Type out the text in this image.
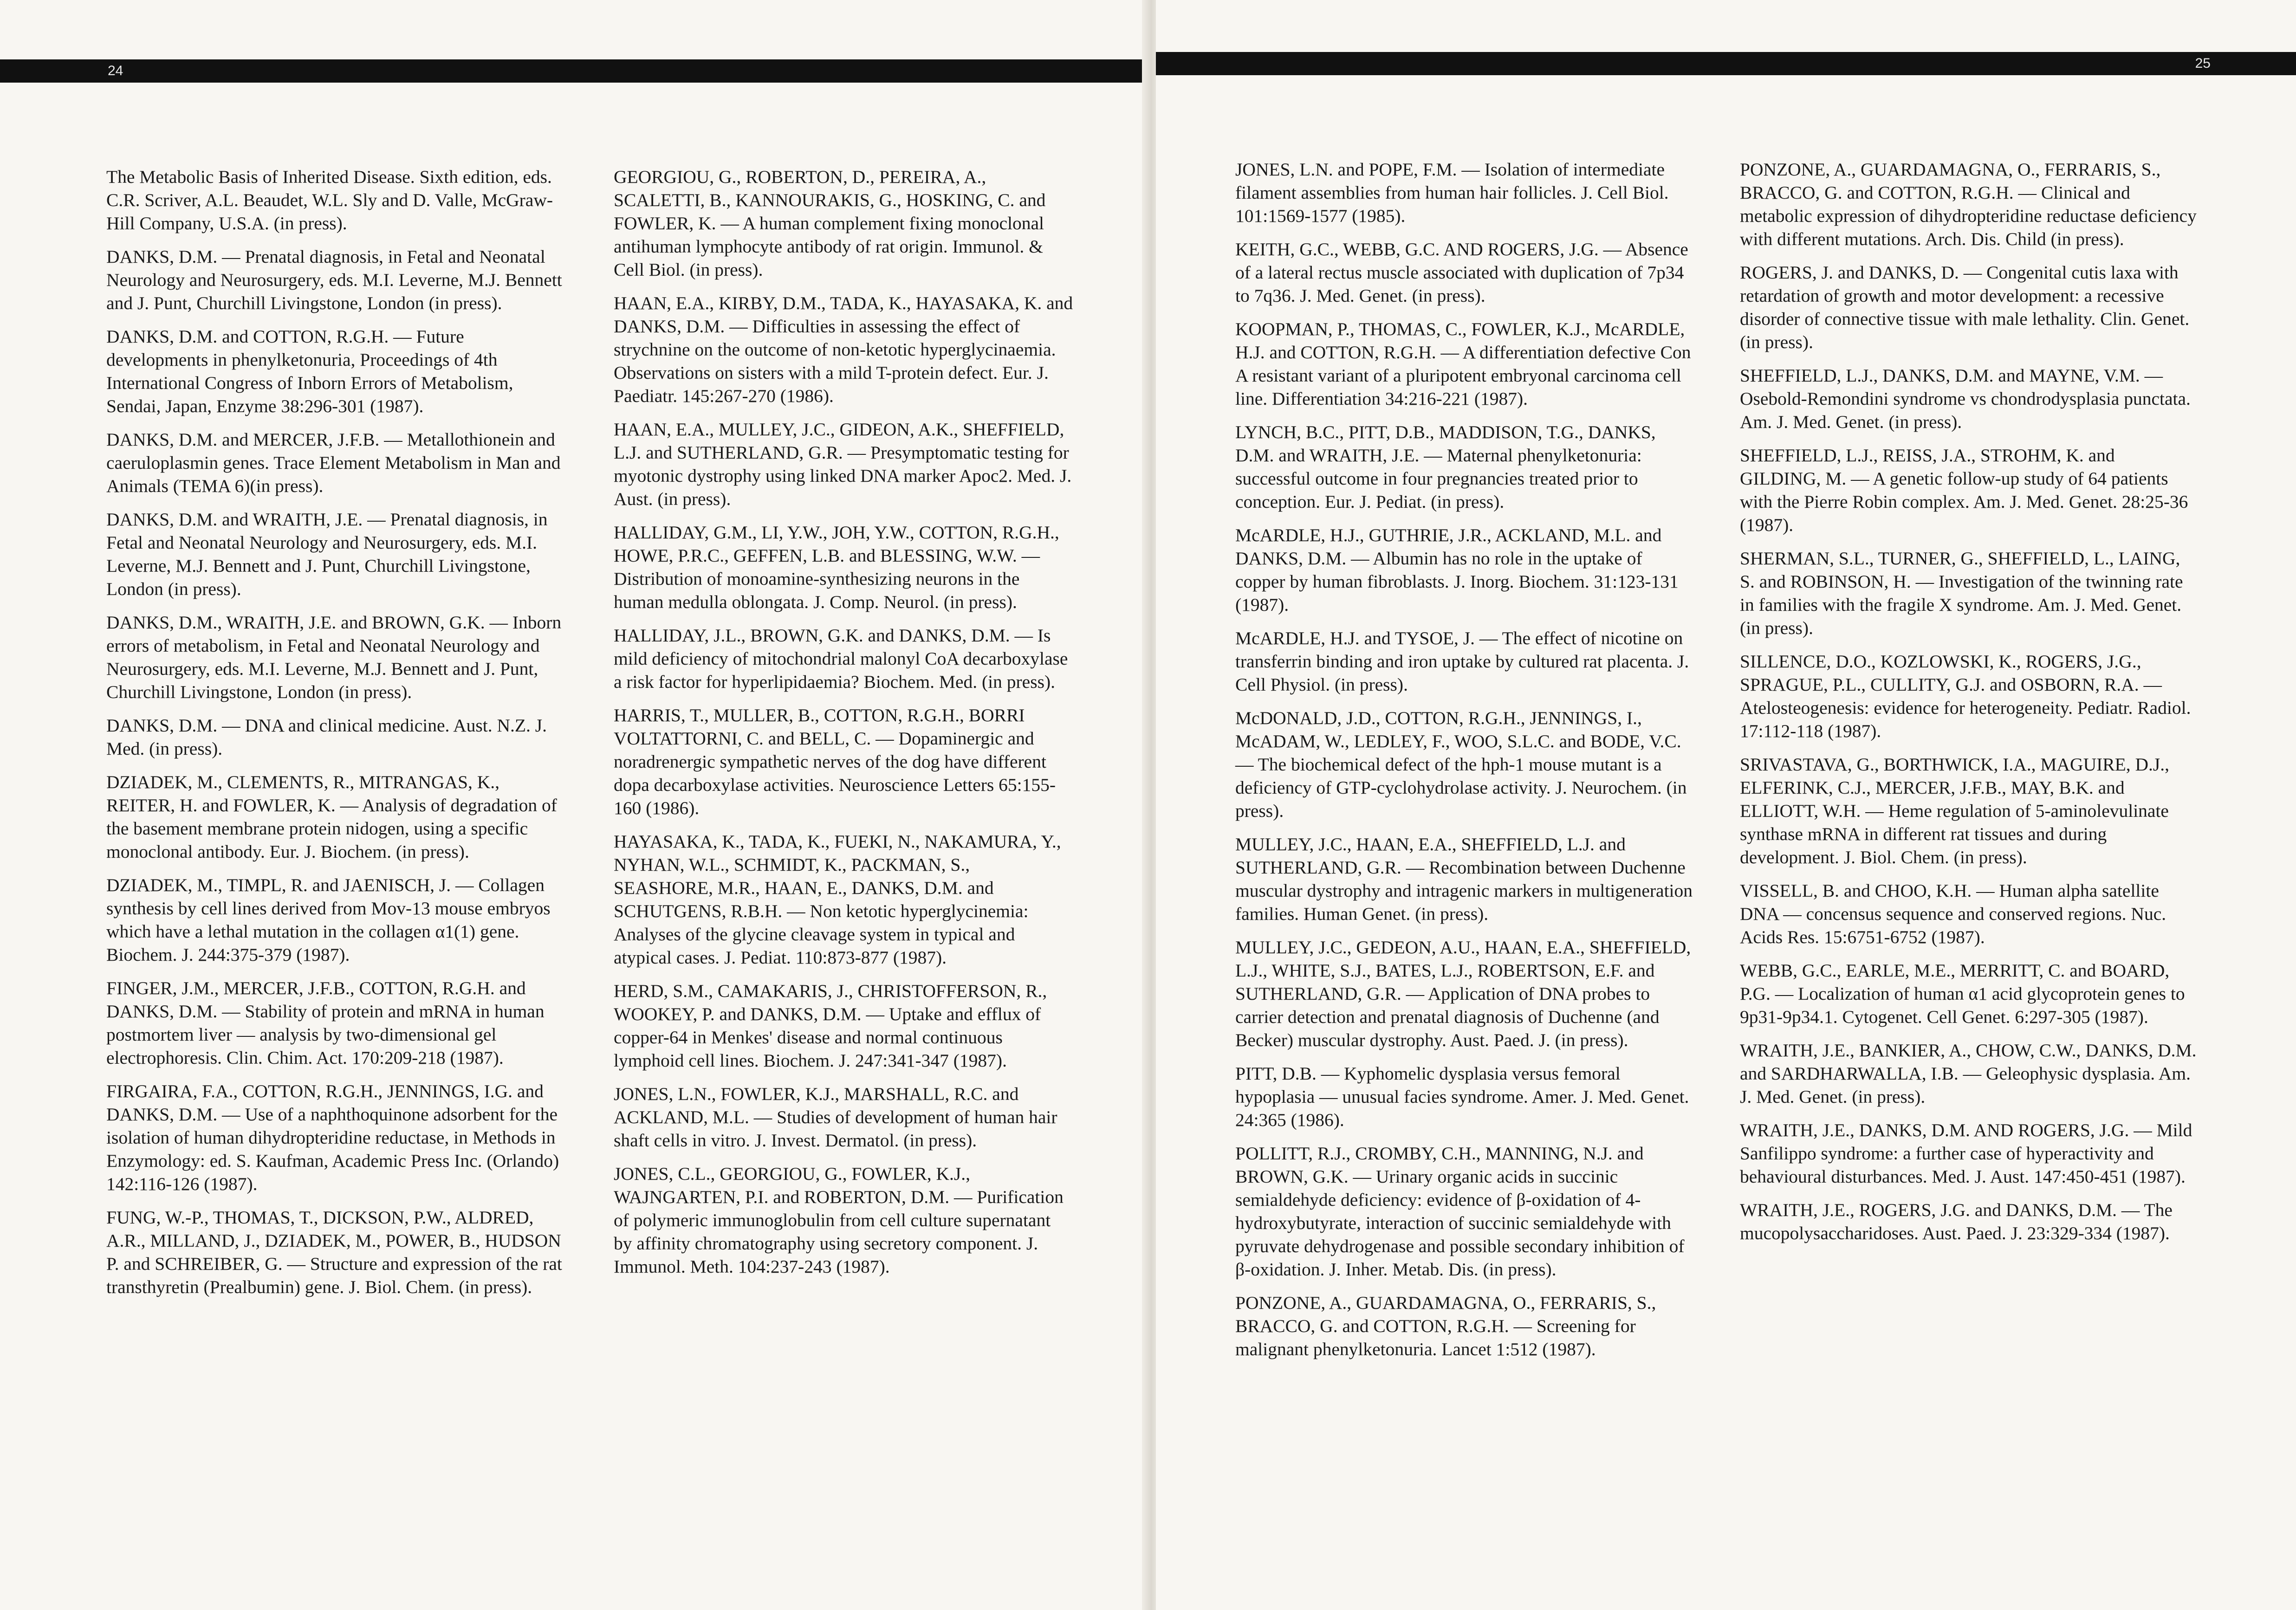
24

The Metabolic Basis of Inherited Disease. Sixth edition, eds. C.R. Scriver, A.L. Beaudet, W.L. Sly and D. Valle, McGraw-Hill Company, U.S.A. (in press).

DANKS, D.M. — Prenatal diagnosis, in Fetal and Neonatal Neurology and Neurosurgery, eds. M.I. Leverne, M.J. Bennett and J. Punt, Churchill Livingstone, London (in press).

DANKS, D.M. and COTTON, R.G.H. — Future developments in phenylketonuria, Proceedings of 4th International Congress of Inborn Errors of Metabolism, Sendai, Japan, Enzyme 38:296-301 (1987).

DANKS, D.M. and MERCER, J.F.B. — Metallothionein and caeruloplasmin genes. Trace Element Metabolism in Man and Animals (TEMA 6)(in press).

DANKS, D.M. and WRAITH, J.E. — Prenatal diagnosis, in Fetal and Neonatal Neurology and Neurosurgery, eds. M.I. Leverne, M.J. Bennett and J. Punt, Churchill Livingstone, London (in press).

DANKS, D.M., WRAITH, J.E. and BROWN, G.K. — Inborn errors of metabolism, in Fetal and Neonatal Neurology and Neurosurgery, eds. M.I. Leverne, M.J. Bennett and J. Punt, Churchill Livingstone, London (in press).

DANKS, D.M. — DNA and clinical medicine. Aust. N.Z. J. Med. (in press).

DZIADEK, M., CLEMENTS, R., MITRANGAS, K., REITER, H. and FOWLER, K. — Analysis of degradation of the basement membrane protein nidogen, using a specific monoclonal antibody. Eur. J. Biochem. (in press).

DZIADEK, M., TIMPL, R. and JAENISCH, J. — Collagen synthesis by cell lines derived from Mov-13 mouse embryos which have a lethal mutation in the collagen α1(1) gene. Biochem. J. 244:375-379 (1987).

FINGER, J.M., MERCER, J.F.B., COTTON, R.G.H. and DANKS, D.M. — Stability of protein and mRNA in human postmortem liver — analysis by two-dimensional gel electrophoresis. Clin. Chim. Act. 170:209-218 (1987).

FIRGAIRA, F.A., COTTON, R.G.H., JENNINGS, I.G. and DANKS, D.M. — Use of a naphthoquinone adsorbent for the isolation of human dihydropteridine reductase, in Methods in Enzymology: ed. S. Kaufman, Academic Press Inc. (Orlando) 142:116-126 (1987).

FUNG, W.-P., THOMAS, T., DICKSON, P.W., ALDRED, A.R., MILLAND, J., DZIADEK, M., POWER, B., HUDSON P. and SCHREIBER, G. — Structure and expression of the rat transthyretin (Prealbumin) gene. J. Biol. Chem. (in press).

GEORGIOU, G., ROBERTON, D., PEREIRA, A., SCALETTI, B., KANNOURAKIS, G., HOSKING, C. and FOWLER, K. — A human complement fixing monoclonal antihuman lymphocyte antibody of rat origin. Immunol. & Cell Biol. (in press).

HAAN, E.A., KIRBY, D.M., TADA, K., HAYASAKA, K. and DANKS, D.M. — Difficulties in assessing the effect of strychnine on the outcome of non-ketotic hyperglycinaemia. Observations on sisters with a mild T-protein defect. Eur. J. Paediatr. 145:267-270 (1986).

HAAN, E.A., MULLEY, J.C., GIDEON, A.K., SHEFFIELD, L.J. and SUTHERLAND, G.R. — Presymptomatic testing for myotonic dystrophy using linked DNA marker Apoc2. Med. J. Aust. (in press).

HALLIDAY, G.M., LI, Y.W., JOH, Y.W., COTTON, R.G.H., HOWE, P.R.C., GEFFEN, L.B. and BLESSING, W.W. — Distribution of monoamine-synthesizing neurons in the human medulla oblongata. J. Comp. Neurol. (in press).

HALLIDAY, J.L., BROWN, G.K. and DANKS, D.M. — Is mild deficiency of mitochondrial malonyl CoA decarboxylase a risk factor for hyperlipidaemia? Biochem. Med. (in press).

HARRIS, T., MULLER, B., COTTON, R.G.H., BORRI VOLTATTORNI, C. and BELL, C. — Dopaminergic and noradrenergic sympathetic nerves of the dog have different dopa decarboxylase activities. Neuroscience Letters 65:155-160 (1986).

HAYASAKA, K., TADA, K., FUEKI, N., NAKAMURA, Y., NYHAN, W.L., SCHMIDT, K., PACKMAN, S., SEASHORE, M.R., HAAN, E., DANKS, D.M. and SCHUTGENS, R.B.H. — Non ketotic hyperglycinemia: Analyses of the glycine cleavage system in typical and atypical cases. J. Pediat. 110:873-877 (1987).

HERD, S.M., CAMAKARIS, J., CHRISTOFFERSON, R., WOOKEY, P. and DANKS, D.M. — Uptake and efflux of copper-64 in Menkes' disease and normal continuous lymphoid cell lines. Biochem. J. 247:341-347 (1987).

JONES, L.N., FOWLER, K.J., MARSHALL, R.C. and ACKLAND, M.L. — Studies of development of human hair shaft cells in vitro. J. Invest. Dermatol. (in press).

JONES, C.L., GEORGIOU, G., FOWLER, K.J., WAJNGARTEN, P.I. and ROBERTON, D.M. — Purification of polymeric immunoglobulin from cell culture supernatant by affinity chromatography using secretory component. J. Immunol. Meth. 104:237-243 (1987).

25

JONES, L.N. and POPE, F.M. — Isolation of intermediate filament assemblies from human hair follicles. J. Cell Biol. 101:1569-1577 (1985).

KEITH, G.C., WEBB, G.C. AND ROGERS, J.G. — Absence of a lateral rectus muscle associated with duplication of 7p34 to 7q36. J. Med. Genet. (in press).

KOOPMAN, P., THOMAS, C., FOWLER, K.J., McARDLE, H.J. and COTTON, R.G.H. — A differentiation defective Con A resistant variant of a pluripotent embryonal carcinoma cell line. Differentiation 34:216-221 (1987).

LYNCH, B.C., PITT, D.B., MADDISON, T.G., DANKS, D.M. and WRAITH, J.E. — Maternal phenylketonuria: successful outcome in four pregnancies treated prior to conception. Eur. J. Pediat. (in press).

McARDLE, H.J., GUTHRIE, J.R., ACKLAND, M.L. and DANKS, D.M. — Albumin has no role in the uptake of copper by human fibroblasts. J. Inorg. Biochem. 31:123-131 (1987).

McARDLE, H.J. and TYSOE, J. — The effect of nicotine on transferrin binding and iron uptake by cultured rat placenta. J. Cell Physiol. (in press).

McDONALD, J.D., COTTON, R.G.H., JENNINGS, I., McADAM, W., LEDLEY, F., WOO, S.L.C. and BODE, V.C. — The biochemical defect of the hph-1 mouse mutant is a deficiency of GTP-cyclohydrolase activity. J. Neurochem. (in press).

MULLEY, J.C., HAAN, E.A., SHEFFIELD, L.J. and SUTHERLAND, G.R. — Recombination between Duchenne muscular dystrophy and intragenic markers in multigeneration families. Human Genet. (in press).

MULLEY, J.C., GEDEON, A.U., HAAN, E.A., SHEFFIELD, L.J., WHITE, S.J., BATES, L.J., ROBERTSON, E.F. and SUTHERLAND, G.R. — Application of DNA probes to carrier detection and prenatal diagnosis of Duchenne (and Becker) muscular dystrophy. Aust. Paed. J. (in press).

PITT, D.B. — Kyphomelic dysplasia versus femoral hypoplasia — unusual facies syndrome. Amer. J. Med. Genet. 24:365 (1986).

POLLITT, R.J., CROMBY, C.H., MANNING, N.J. and BROWN, G.K. — Urinary organic acids in succinic semialdehyde deficiency: evidence of β-oxidation of 4-hydroxybutyrate, interaction of succinic semialdehyde with pyruvate dehydrogenase and possible secondary inhibition of β-oxidation. J. Inher. Metab. Dis. (in press).

PONZONE, A., GUARDAMAGNA, O., FERRARIS, S., BRACCO, G. and COTTON, R.G.H. — Screening for malignant phenylketonuria. Lancet 1:512 (1987).

PONZONE, A., GUARDAMAGNA, O., FERRARIS, S., BRACCO, G. and COTTON, R.G.H. — Clinical and metabolic expression of dihydropteridine reductase deficiency with different mutations. Arch. Dis. Child (in press).

ROGERS, J. and DANKS, D. — Congenital cutis laxa with retardation of growth and motor development: a recessive disorder of connective tissue with male lethality. Clin. Genet. (in press).

SHEFFIELD, L.J., DANKS, D.M. and MAYNE, V.M. — Osebold-Remondini syndrome vs chondrodysplasia punctata. Am. J. Med. Genet. (in press).

SHEFFIELD, L.J., REISS, J.A., STROHM, K. and GILDING, M. — A genetic follow-up study of 64 patients with the Pierre Robin complex. Am. J. Med. Genet. 28:25-36 (1987).

SHERMAN, S.L., TURNER, G., SHEFFIELD, L., LAING, S. and ROBINSON, H. — Investigation of the twinning rate in families with the fragile X syndrome. Am. J. Med. Genet. (in press).

SILLENCE, D.O., KOZLOWSKI, K., ROGERS, J.G., SPRAGUE, P.L., CULLITY, G.J. and OSBORN, R.A. — Atelosteogenesis: evidence for heterogeneity. Pediatr. Radiol. 17:112-118 (1987).

SRIVASTAVA, G., BORTHWICK, I.A., MAGUIRE, D.J., ELFERINK, C.J., MERCER, J.F.B., MAY, B.K. and ELLIOTT, W.H. — Heme regulation of 5-aminolevulinate synthase mRNA in different rat tissues and during development. J. Biol. Chem. (in press).

VISSELL, B. and CHOO, K.H. — Human alpha satellite DNA — concensus sequence and conserved regions. Nuc. Acids Res. 15:6751-6752 (1987).

WEBB, G.C., EARLE, M.E., MERRITT, C. and BOARD, P.G. — Localization of human α1 acid glycoprotein genes to 9p31-9p34.1. Cytogenet. Cell Genet. 6:297-305 (1987).

WRAITH, J.E., BANKIER, A., CHOW, C.W., DANKS, D.M. and SARDHARWALLA, I.B. — Geleophysic dysplasia. Am. J. Med. Genet. (in press).

WRAITH, J.E., DANKS, D.M. AND ROGERS, J.G. — Mild Sanfilippo syndrome: a further case of hyperactivity and behavioural disturbances. Med. J. Aust. 147:450-451 (1987).

WRAITH, J.E., ROGERS, J.G. and DANKS, D.M. — The mucopolysaccharidoses. Aust. Paed. J. 23:329-334 (1987).
